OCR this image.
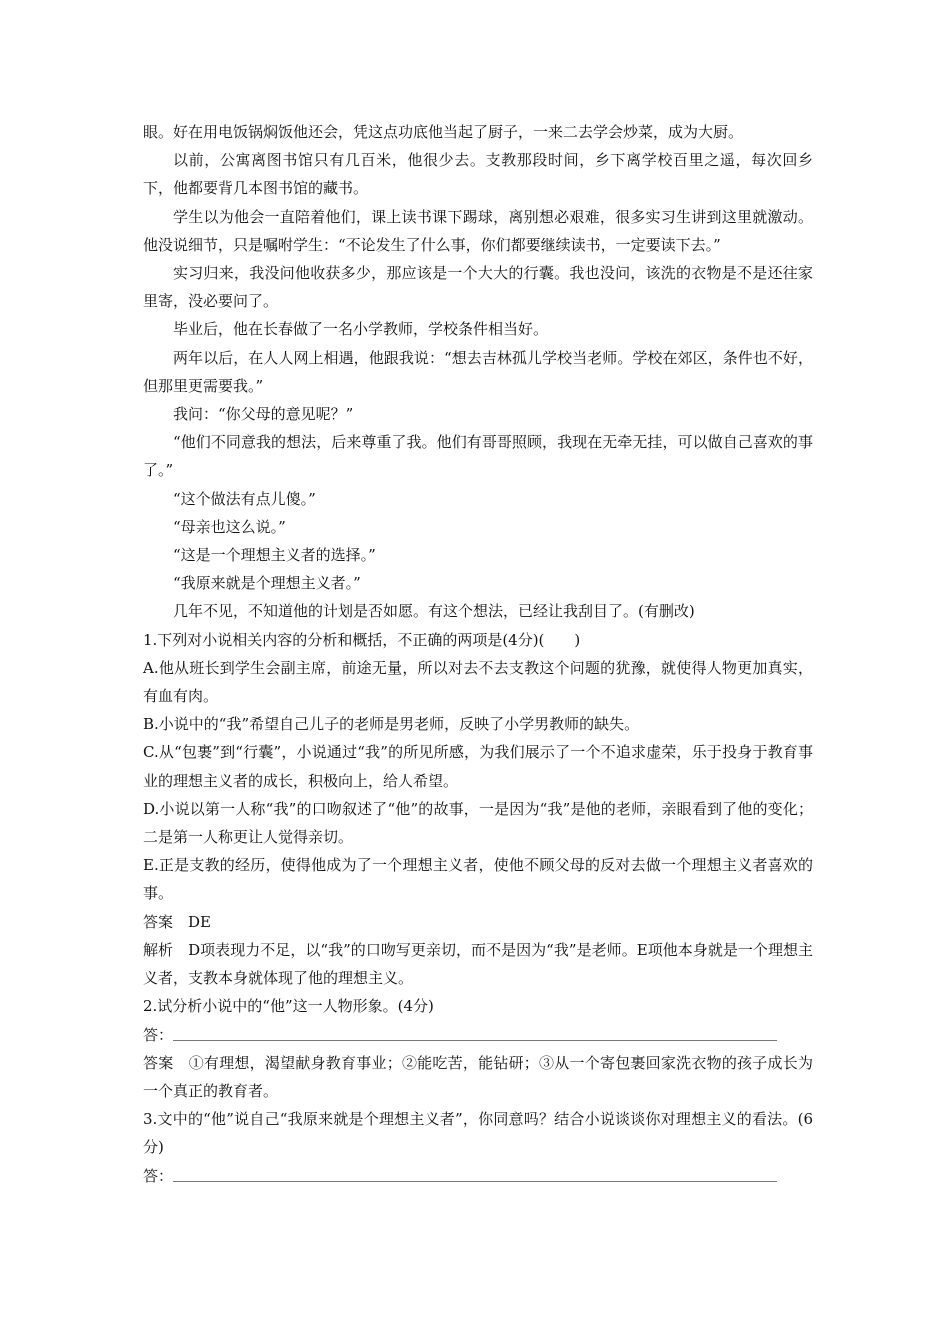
眼。好在用电饭锅焖饭他还会，凭这点功底他当起了厨子，一来二去学会炒菜，成为大厨。

以前，公寓离图书馆只有几百米，他很少去。支教那段时间，乡下离学校百里之遥，每次回乡下，他都要背几本图书馆的藏书。

学生以为他会一直陪着他们，课上读书课下踢球，离别想必艰难，很多实习生讲到这里就激动。他没说细节，只是嘱咐学生：“不论发生了什么事，你们都要继续读书，一定要读下去。”

实习归来，我没问他收获多少，那应该是一个大大的行囊。我也没问，该洗的衣物是不是还往家里寄，没必要问了。

毕业后，他在长春做了一名小学教师，学校条件相当好。

两年以后，在人人网上相遇，他跟我说：“想去吉林孤儿学校当老师。学校在郊区，条件也不好，但那里更需要我。”

我问：“你父母的意见呢？”

“他们不同意我的想法，后来尊重了我。他们有哥哥照顾，我现在无牵无挂，可以做自己喜欢的事了。”

“这个做法有点儿傻。”

“母亲也这么说。”

“这是一个理想主义者的选择。”

“我原来就是个理想主义者。”

几年不见，不知道他的计划是否如愿。有这个想法，已经让我刮目了。(有删改)

1.下列对小说相关内容的分析和概括，不正确的两项是(4分)(　　)

A.他从班长到学生会副主席，前途无量，所以对去不去支教这个问题的犹豫，就使得人物更加真实，有血有肉。

B.小说中的“我”希望自己儿子的老师是男老师，反映了小学男教师的缺失。

C.从“包裹”到“行囊”，小说通过“我”的所见所感，为我们展示了一个不追求虚荣，乐于投身于教育事业的理想主义者的成长，积极向上，给人希望。

D.小说以第一人称“我”的口吻叙述了“他”的故事，一是因为“我”是他的老师，亲眼看到了他的变化；二是第一人称更让人觉得亲切。

E.正是支教的经历，使得他成为了一个理想主义者，使他不顾父母的反对去做一个理想主义者喜欢的事。

答案　DE

解析　D项表现力不足，以“我”的口吻写更亲切，而不是因为“我”是老师。E项他本身就是一个理想主义者，支教本身就体现了他的理想主义。

2.试分析小说中的“他”这一人物形象。(4分)

答：

答案　①有理想，渴望献身教育事业；②能吃苦，能钻研；③从一个寄包裹回家洗衣物的孩子成长为一个真正的教育者。

3.文中的“他”说自己“我原来就是个理想主义者”，你同意吗？结合小说谈谈你对理想主义的看法。(6分)

答：
